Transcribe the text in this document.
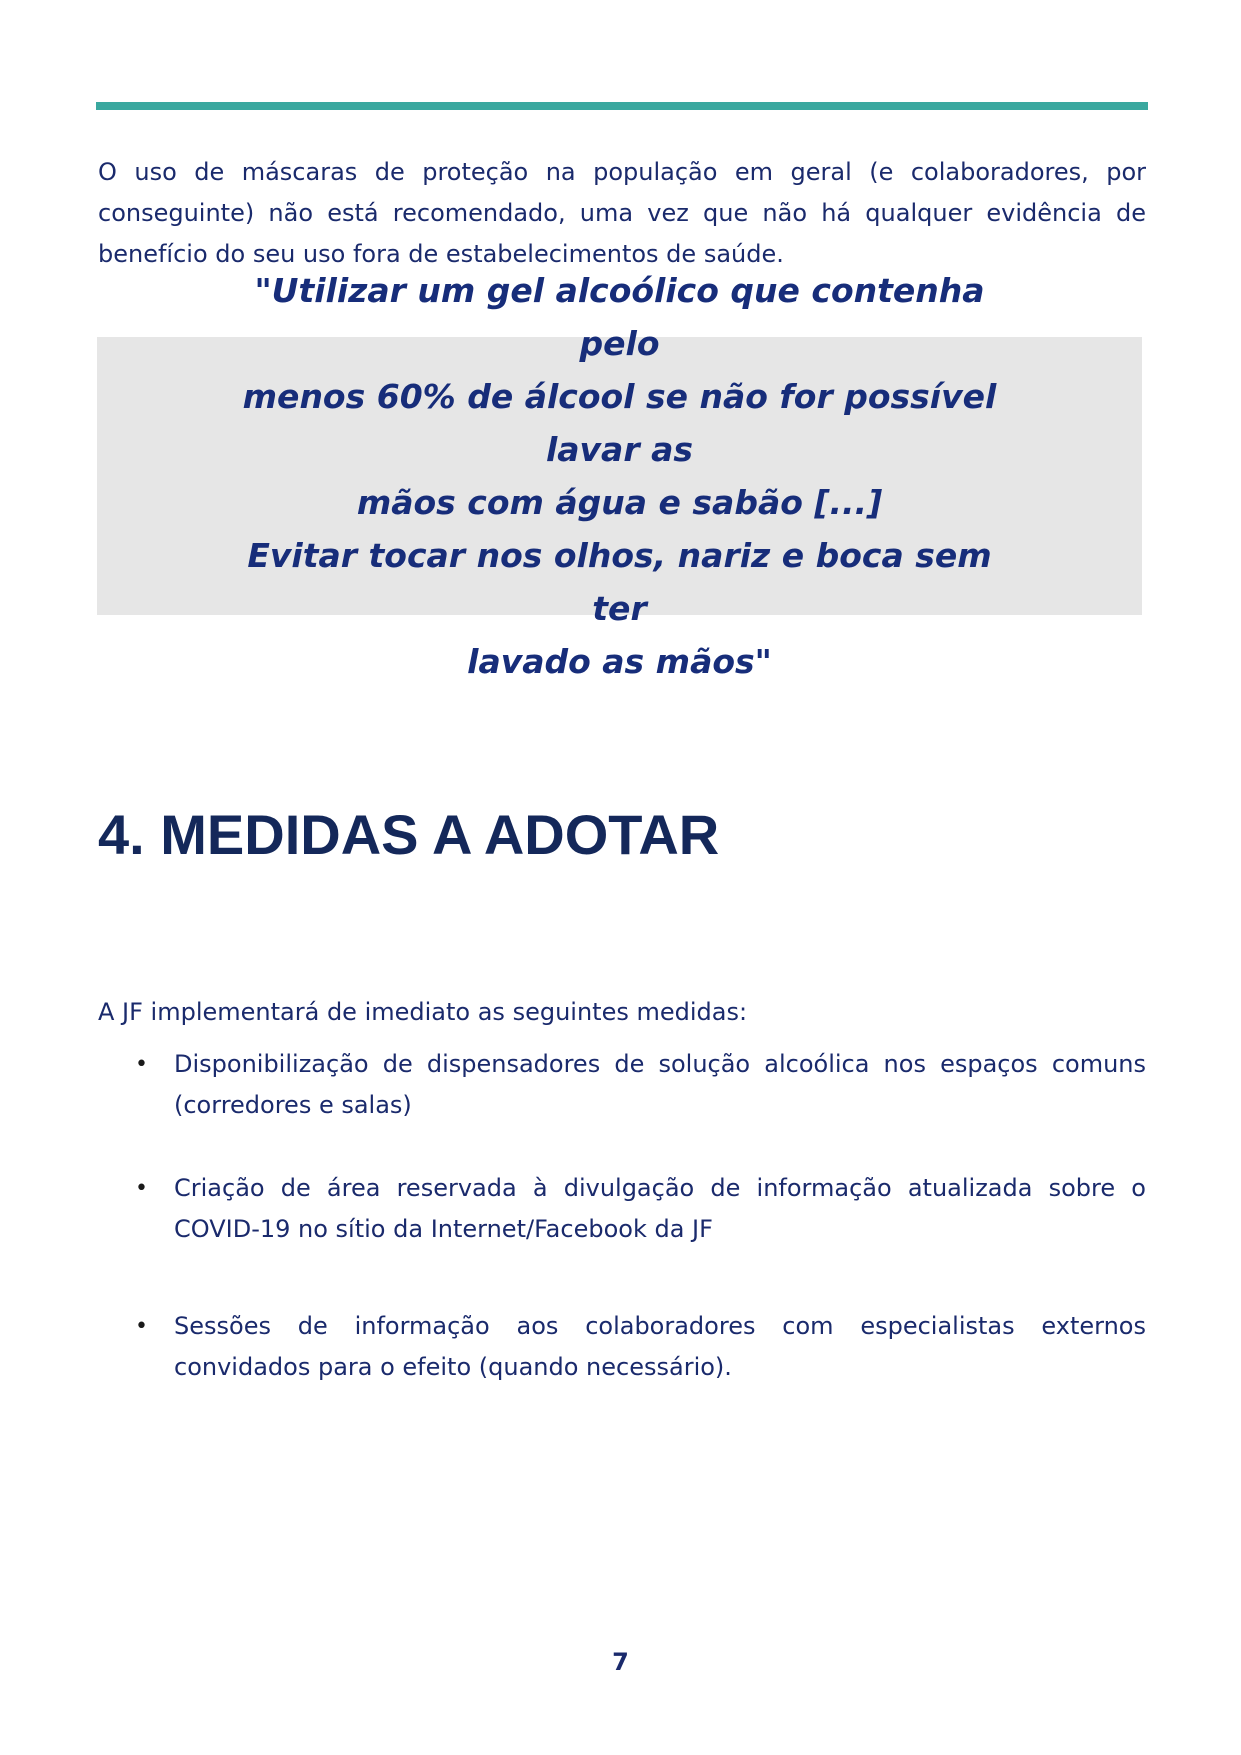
O uso de máscaras de proteção na população em geral (e colaboradores, por conseguinte) não está recomendado, uma vez que não há qualquer evidência de benefício do seu uso fora de estabelecimentos de saúde.

"Utilizar um gel alcoólico que contenha pelo
menos 60% de álcool se não for possível lavar as
mãos com água e sabão [...]
Evitar tocar nos olhos, nariz e boca sem ter
lavado as mãos"

4. MEDIDAS A ADOTAR

A JF implementará de imediato as seguintes medidas:

• Disponibilização de dispensadores de solução alcoólica nos espaços comuns (corredores e salas)
• Criação de área reservada à divulgação de informação atualizada sobre o COVID-19 no sítio da Internet/Facebook da JF
• Sessões de informação aos colaboradores com especialistas externos convidados para o efeito (quando necessário).

7
